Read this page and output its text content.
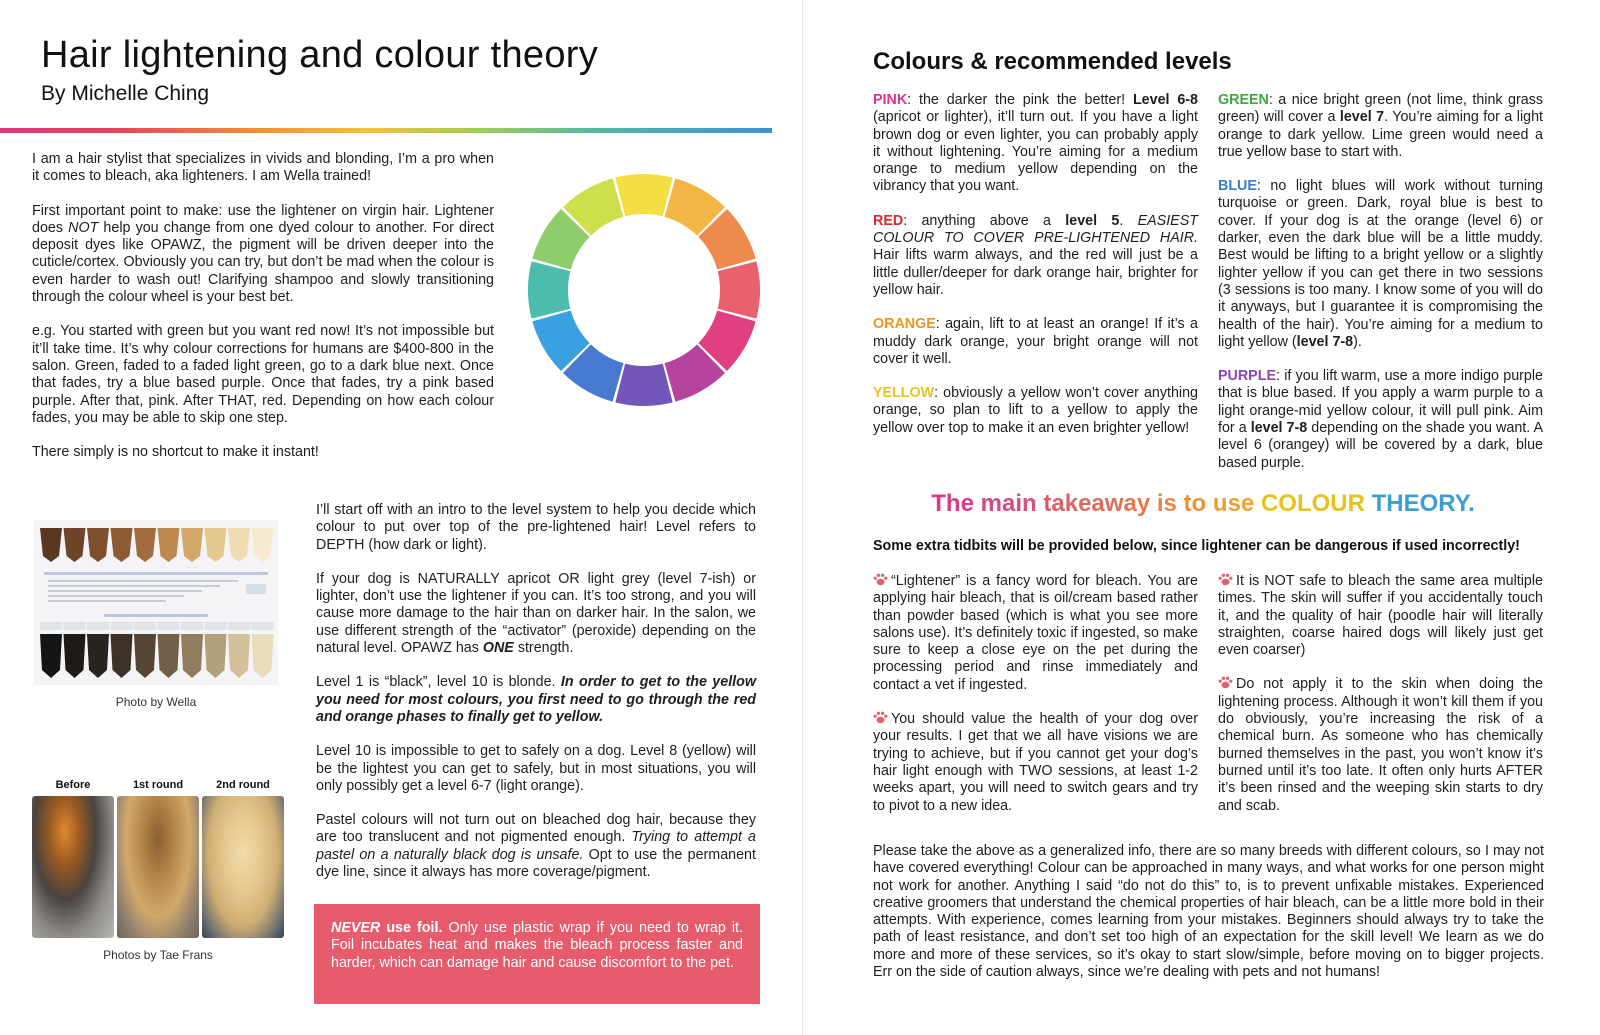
Hair lightening and colour theory
By Michelle Ching

I am a hair stylist that specializes in vivids and blonding, I’m a pro when it comes to bleach, aka lighteners. I am Wella trained!

First important point to make: use the lightener on virgin hair. Lightener does NOT help you change from one dyed colour to another. For direct deposit dyes like OPAWZ, the pigment will be driven deeper into the cuticle/cortex. Obviously you can try, but don’t be mad when the colour is even harder to wash out! Clarifying shampoo and slowly transitioning through the colour wheel is your best bet.

e.g. You started with green but you want red now! It’s not impossible but it’ll take time. It’s why colour corrections for humans are $400-800 in the salon. Green, faded to a faded light green, go to a dark blue next. Once that fades, try a blue based purple. Once that fades, try a pink based purple. After that, pink. After THAT, red. Depending on how each colour fades, you may be able to skip one step.

There simply is no shortcut to make it instant!

Photo by Wella
Before	1st round	2nd round
Photos by Tae Frans

I’ll start off with an intro to the level system to help you decide which colour to put over top of the pre-lightened hair! Level refers to DEPTH (how dark or light).

If your dog is NATURALLY apricot OR light grey (level 7-ish) or lighter, don’t use the lightener if you can. It’s too strong, and you will cause more damage to the hair than on darker hair. In the salon, we use different strength of the “activator” (peroxide) depending on the natural level. OPAWZ has ONE strength.

Level 1 is “black”, level 10 is blonde. In order to get to the yellow you need for most colours, you first need to go through the red and orange phases to finally get to yellow.

Level 10 is impossible to get to safely on a dog. Level 8 (yellow) will be the lightest you can get to safely, but in most situations, you will only possibly get a level 6-7 (light orange).

Pastel colours will not turn out on bleached dog hair, because they are too translucent and not pigmented enough. Trying to attempt a pastel on a naturally black dog is unsafe. Opt to use the permanent dye line, since it always has more coverage/pigment.

NEVER use foil. Only use plastic wrap if you need to wrap it. Foil incubates heat and makes the bleach process faster and harder, which can damage hair and cause discomfort to the pet.
Colours & recommended levels

PINK: the darker the pink the better! Level 6-8 (apricot or lighter), it’ll turn out. If you have a light brown dog or even lighter, you can probably apply it without lightening. You’re aiming for a medium orange to medium yellow depending on the vibrancy that you want.

RED: anything above a level 5. EASIEST COLOUR TO COVER PRE-LIGHTENED HAIR. Hair lifts warm always, and the red will just be a little duller/deeper for dark orange hair, brighter for yellow hair.

ORANGE: again, lift to at least an orange! If it’s a muddy dark orange, your bright orange will not cover it well.

YELLOW: obviously a yellow won’t cover anything orange, so plan to lift to a yellow to apply the yellow over top to make it an even brighter yellow!

GREEN: a nice bright green (not lime, think grass green) will cover a level 7. You’re aiming for a light orange to dark yellow. Lime green would need a true yellow base to start with.

BLUE: no light blues will work without turning turquoise or green. Dark, royal blue is best to cover. If your dog is at the orange (level 6) or darker, even the dark blue will be a little muddy. Best would be lifting to a bright yellow or a slightly lighter yellow if you can get there in two sessions (3 sessions is too many. I know some of you will do it anyways, but I guarantee it is compromising the health of the hair). You’re aiming for a medium to light yellow (level 7-8).

PURPLE: if you lift warm, use a more indigo purple that is blue based. If you apply a warm purple to a light orange-mid yellow colour, it will pull pink. Aim for a level 7-8 depending on the shade you want. A level 6 (orangey) will be covered by a dark, blue based purple.

The main takeaway is to use COLOUR THEORY.
Some extra tidbits will be provided below, since lightener can be dangerous if used incorrectly!

“Lightener” is a fancy word for bleach. You are applying hair bleach, that is oil/cream based rather than powder based (which is what you see more salons use). It’s definitely toxic if ingested, so make sure to keep a close eye on the pet during the processing period and rinse immediately and contact a vet if ingested.

You should value the health of your dog over your results. I get that we all have visions we are trying to achieve, but if you cannot get your dog’s hair light enough with TWO sessions, at least 1-2 weeks apart, you will need to switch gears and try to pivot to a new idea.

It is NOT safe to bleach the same area multiple times. The skin will suffer if you accidentally touch it, and the quality of hair (poodle hair will literally straighten, coarse haired dogs will likely just get even coarser)

Do not apply it to the skin when doing the lightening process. Although it won’t kill them if you do obviously, you’re increasing the risk of a chemical burn. As someone who has chemically burned themselves in the past, you won’t know it’s burned until it’s too late. It often only hurts AFTER it’s been rinsed and the weeping skin starts to dry and scab.

Please take the above as a generalized info, there are so many breeds with different colours, so I may not have covered everything! Colour can be approached in many ways, and what works for one person might not work for another. Anything I said “do not do this” to, is to prevent unfixable mistakes. Experienced creative groomers that understand the chemical properties of hair bleach, can be a little more bold in their attempts. With experience, comes learning from your mistakes. Beginners should always try to take the path of least resistance, and don’t set too high of an expectation for the skill level! We learn as we do more and more of these services, so it’s okay to start slow/simple, before moving on to bigger projects. Err on the side of caution always, since we’re dealing with pets and not humans!
